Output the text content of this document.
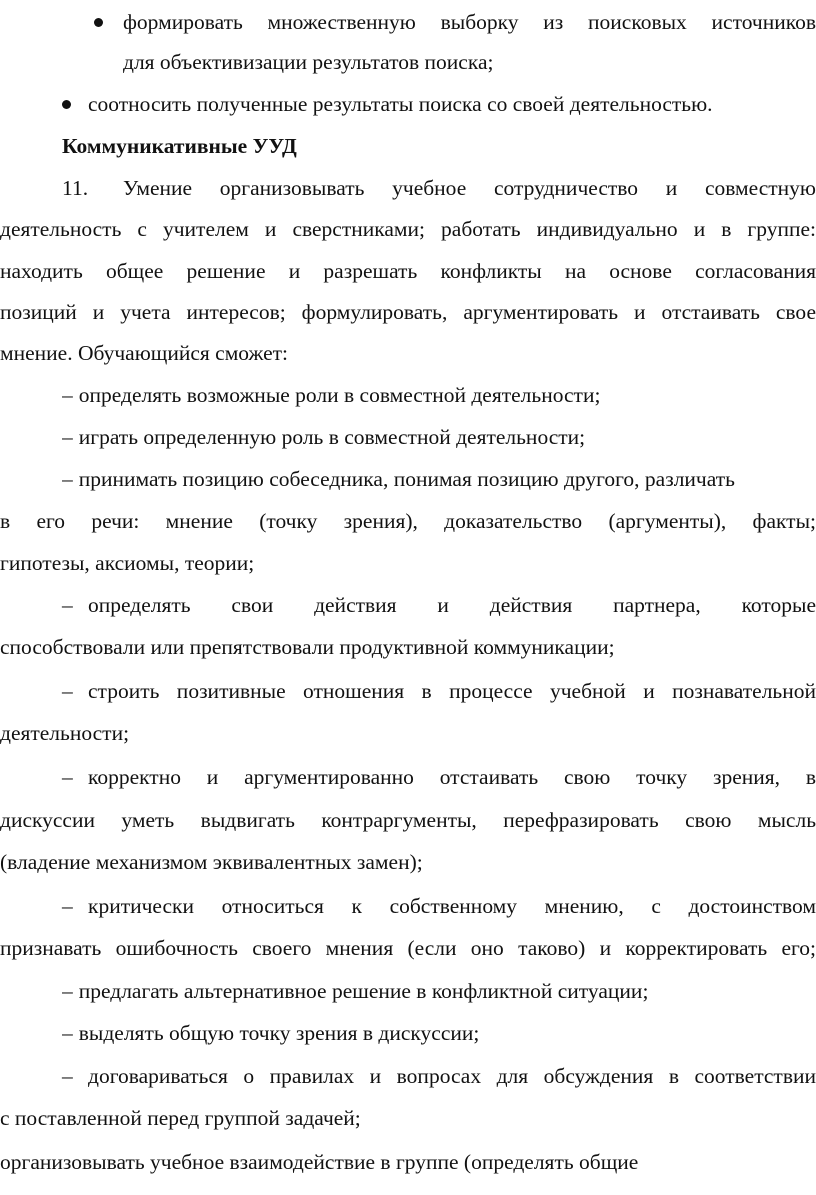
формировать множественную выборку из поисковых источников
для объективизации результатов поиска;
соотносить полученные результаты поиска со своей деятельностью.
Коммуникативные УУД
11.	Умение организовывать учебное сотрудничество и совместную
деятельность с учителем и сверстниками; работать индивидуально и в группе:
находить общее решение и разрешать конфликты на основе согласования
позиций и учета интересов; формулировать, аргументировать и отстаивать свое
мнение. Обучающийся сможет:
– определять возможные роли в совместной деятельности;
– играть определенную роль в совместной деятельности;
– принимать позицию собеседника, понимая позицию другого, различать
в его речи: мнение (точку зрения), доказательство (аргументы), факты;
гипотезы, аксиомы, теории;
– определять свои действия и действия партнера, которые
способствовали или препятствовали продуктивной коммуникации;
– строить позитивные отношения в процессе учебной и познавательной
деятельности;
– корректно и аргументированно отстаивать свою точку зрения, в
дискуссии уметь выдвигать контраргументы, перефразировать свою мысль
(владение механизмом эквивалентных замен);
– критически относиться к собственному мнению, с достоинством
признавать ошибочность своего мнения (если оно таково) и корректировать его;
– предлагать альтернативное решение в конфликтной ситуации;
– выделять общую точку зрения в дискуссии;
– договариваться о правилах и вопросах для обсуждения в соответствии
с поставленной перед группой задачей;
организовывать учебное взаимодействие в группе (определять общие
